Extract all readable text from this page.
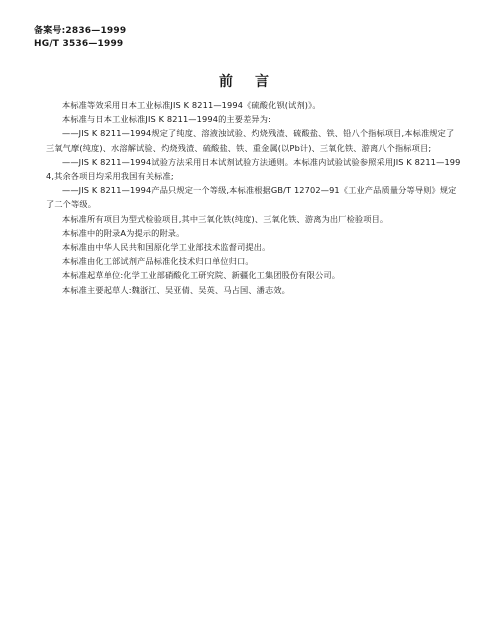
备案号:2836—1999
HG/T 3536—1999
前言

本标准等效采用日本工业标准JIS K 8211—1994《硫酸化钡(试剂)》。

本标准与日本工业标准JIS K 8211—1994的主要差异为:

——JIS K 8211—1994规定了纯度、溶液浊试验、灼烧残渣、硫酸盐、铁、铅八个指标项目,本标准规定了三氧气摩(纯度)、水溶解试验、灼烧残渣、硫酸盐、铁、重金属(以Pb计)、三氧化铁、游离八个指标项目;

——JIS K 8211—1994试验方法采用日本试剂试验方法通则。本标准内试验试验参照采用JIS K 8211—1994,其余各项目均采用我国有关标准;

——JIS K 8211—1994产品只规定一个等级,本标准根据GB/T 12702—91《工业产品质量分等导则》规定了二个等级。

本标准所有项目为型式检验项目,其中三氧化铁(纯度)、三氧化铁、游离为出厂检验项目。

本标准中的附录A为提示的附录。

本标准由中华人民共和国原化学工业部技术监督司提出。

本标准由化工部试剂产品标准化技术归口单位归口。

本标准起草单位:化学工业部硝酸化工研究院、新疆化工集团股份有限公司。

本标准主要起草人:魏浙江、吴亚倩、吴英、马占国、潘志效。
